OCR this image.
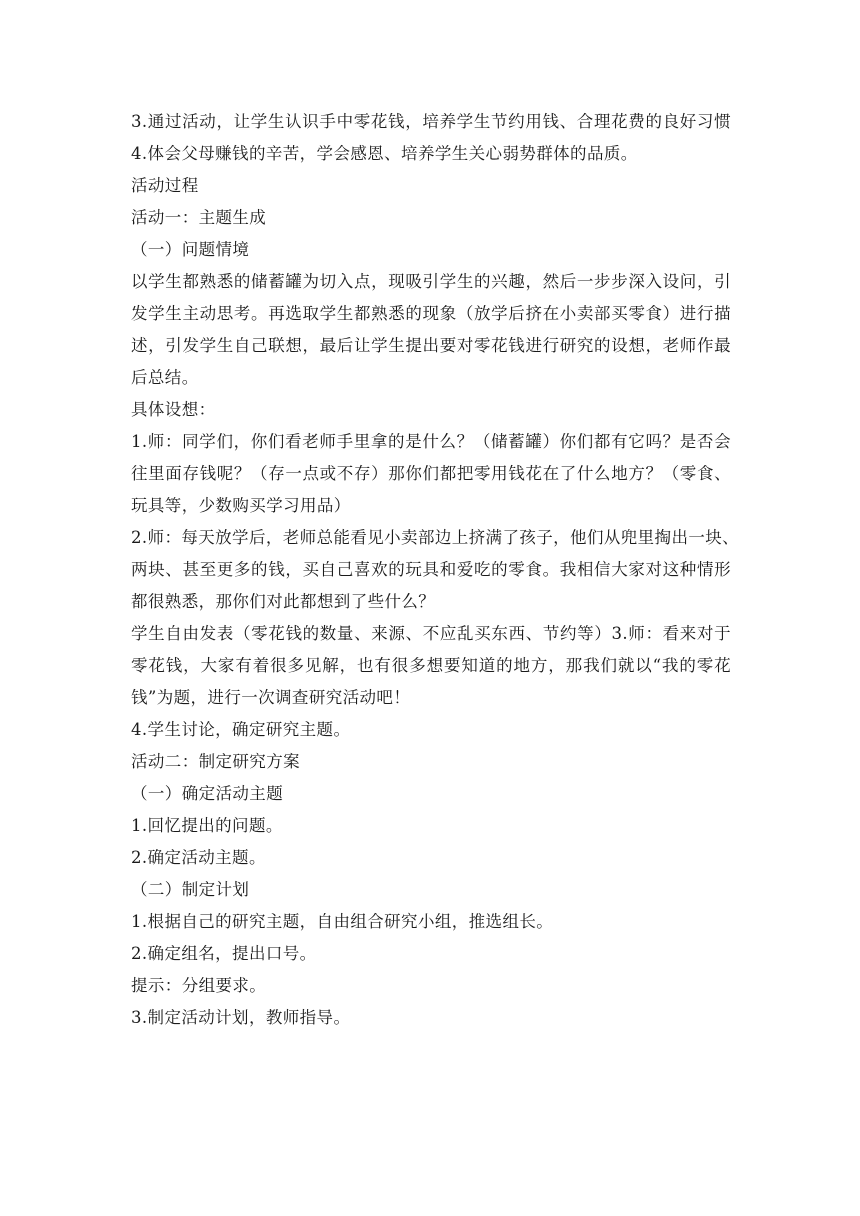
3.通过活动，让学生认识手中零花钱，培养学生节约用钱、合理花费的良好习惯
4.体会父母赚钱的辛苦，学会感恩、培养学生关心弱势群体的品质。
活动过程
活动一：主题生成
（一）问题情境
以学生都熟悉的储蓄罐为切入点，现吸引学生的兴趣，然后一步步深入设问，引
发学生主动思考。再选取学生都熟悉的现象（放学后挤在小卖部买零食）进行描
述，引发学生自己联想，最后让学生提出要对零花钱进行研究的设想，老师作最
后总结。
具体设想：
1.师：同学们，你们看老师手里拿的是什么？（储蓄罐）你们都有它吗？是否会
往里面存钱呢？（存一点或不存）那你们都把零用钱花在了什么地方？（零食、
玩具等，少数购买学习用品）
2.师：每天放学后，老师总能看见小卖部边上挤满了孩子，他们从兜里掏出一块、
两块、甚至更多的钱，买自己喜欢的玩具和爱吃的零食。我相信大家对这种情形
都很熟悉，那你们对此都想到了些什么？
学生自由发表（零花钱的数量、来源、不应乱买东西、节约等）3.师：看来对于
零花钱，大家有着很多见解，也有很多想要知道的地方，那我们就以“我的零花
钱”为题，进行一次调查研究活动吧！
4.学生讨论，确定研究主题。
活动二：制定研究方案
（一）确定活动主题
1.回忆提出的问题。
2.确定活动主题。
（二）制定计划
1.根据自己的研究主题，自由组合研究小组，推选组长。
2.确定组名，提出口号。
提示：分组要求。
3.制定活动计划，教师指导。
